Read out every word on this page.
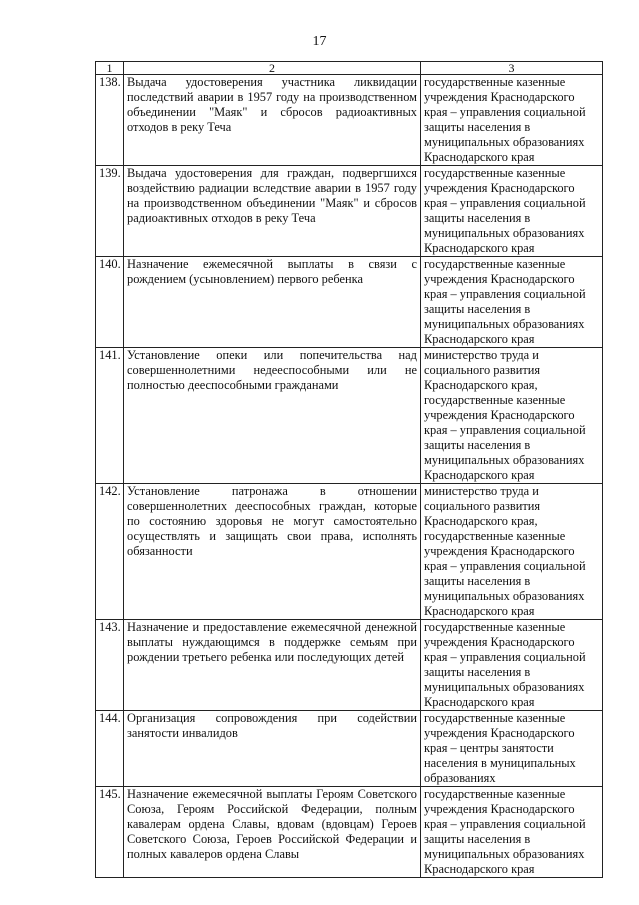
17
1	2	3
138.	Выдача удостоверения участника ликвидации последствий аварии в 1957 году на производственном объединении "Маяк" и сбросов радиоактивных отходов в реку Теча	государственные казенные учреждения Краснодарского края – управления социальной защиты населения в муниципальных образованиях Краснодарского края
139.	Выдача удостоверения для граждан, подвергшихся воздействию радиации вследствие аварии в 1957 году на производственном объединении "Маяк" и сбросов радиоактивных отходов в реку Теча	государственные казенные учреждения Краснодарского края – управления социальной защиты населения в муниципальных образованиях Краснодарского края
140.	Назначение ежемесячной выплаты в связи с рождением (усыновлением) первого ребенка	государственные казенные учреждения Краснодарского края – управления социальной защиты населения в муниципальных образованиях Краснодарского края
141.	Установление опеки или попечительства над совершеннолетними недееспособными или не полностью дееспособными гражданами	министерство труда и социального развития Краснодарского края, государственные казенные учреждения Краснодарского края – управления социальной защиты населения в муниципальных образованиях Краснодарского края
142.	Установление патронажа в отношении совершеннолетних дееспособных граждан, которые по состоянию здоровья не могут самостоятельно осуществлять и защищать свои права, исполнять обязанности	министерство труда и социального развития Краснодарского края, государственные казенные учреждения Краснодарского края – управления социальной защиты населения в муниципальных образованиях Краснодарского края
143.	Назначение и предоставление ежемесячной денежной выплаты нуждающимся в поддержке семьям при рождении третьего ребенка или последующих детей	государственные казенные учреждения Краснодарского края – управления социальной защиты населения в муниципальных образованиях Краснодарского края
144.	Организация сопровождения при содействии занятости инвалидов	государственные казенные учреждения Краснодарского края – центры занятости населения в муниципальных образованиях
145.	Назначение ежемесячной выплаты Героям Советского Союза, Героям Российской Федерации, полным кавалерам ордена Славы, вдовам (вдовцам) Героев Советского Союза, Героев Российской Федерации и полных кавалеров ордена Славы	государственные казенные учреждения Краснодарского края – управления социальной защиты населения в муниципальных образованиях Краснодарского края
